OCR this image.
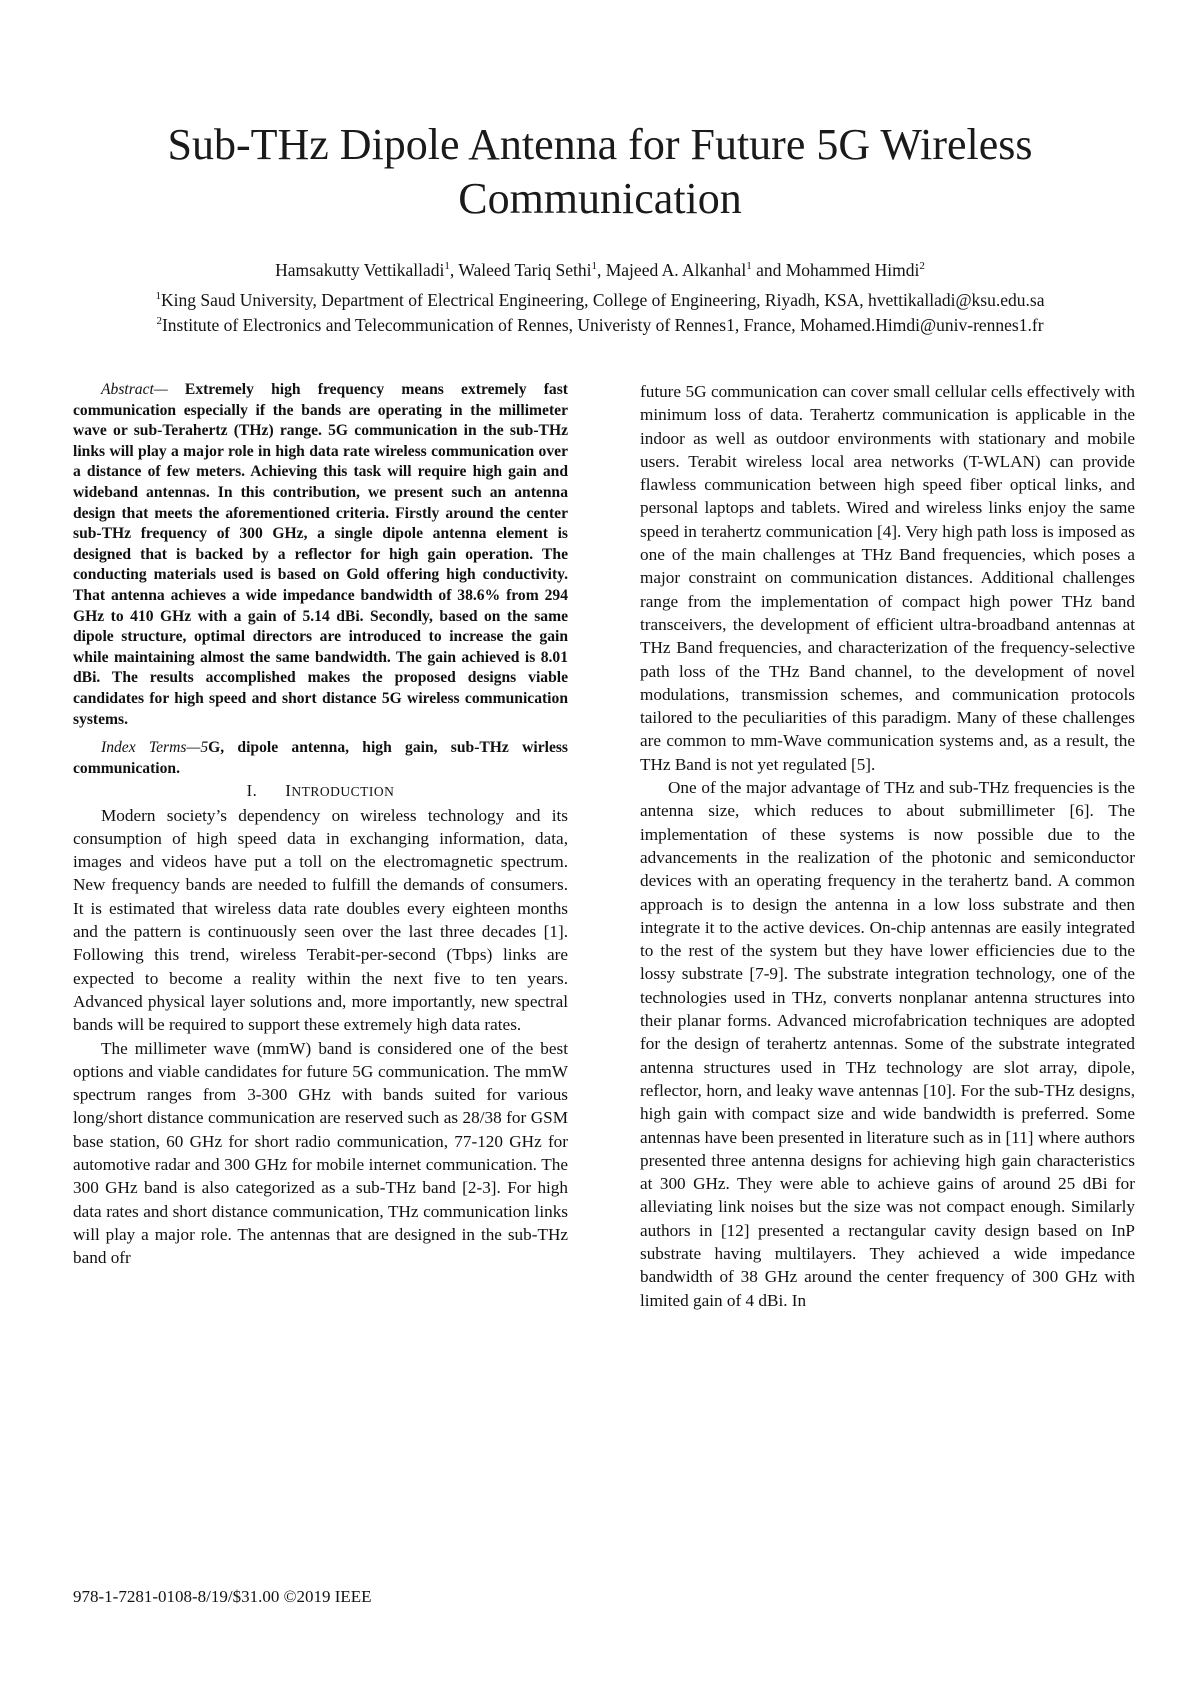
Sub-THz Dipole Antenna for Future 5G Wireless Communication
Hamsakutty Vettikalladi$^1$, Waleed Tariq Sethi$^1$, Majeed A. Alkanhal$^1$ and Mohammed Himdi$^2$
$^1$King Saud University, Department of Electrical Engineering, College of Engineering, Riyadh, KSA, hvettikalladi@ksu.edu.sa
$^2$Institute of Electronics and Telecommunication of Rennes, Univeristy of Rennes1, France, Mohamed.Himdi@univ-rennes1.fr

Abstract— Extremely high frequency means extremely fast communication especially if the bands are operating in the millimeter wave or sub-Terahertz (THz) range. 5G communication in the sub-THz links will play a major role in high data rate wireless communication over a distance of few meters. Achieving this task will require high gain and wideband antennas. In this contribution, we present such an antenna design that meets the aforementioned criteria. Firstly around the center sub-THz frequency of 300 GHz, a single dipole antenna element is designed that is backed by a reflector for high gain operation. The conducting materials used is based on Gold offering high conductivity. That antenna achieves a wide impedance bandwidth of 38.6% from 294 GHz to 410 GHz with a gain of 5.14 dBi. Secondly, based on the same dipole structure, optimal directors are introduced to increase the gain while maintaining almost the same bandwidth. The gain achieved is 8.01 dBi. The results accomplished makes the proposed designs viable candidates for high speed and short distance 5G wireless communication systems.

Index Terms—5G, dipole antenna, high gain, sub-THz wirless communication.

I. INTRODUCTION

Modern society’s dependency on wireless technology and its consumption of high speed data in exchanging information, data, images and videos have put a toll on the electromagnetic spectrum. New frequency bands are needed to fulfill the demands of consumers. It is estimated that wireless data rate doubles every eighteen months and the pattern is continuously seen over the last three decades [1]. Following this trend, wireless Terabit-per-second (Tbps) links are expected to become a reality within the next five to ten years. Advanced physical layer solutions and, more importantly, new spectral bands will be required to support these extremely high data rates.

The millimeter wave (mmW) band is considered one of the best options and viable candidates for future 5G communication. The mmW spectrum ranges from 3-300 GHz with bands suited for various long/short distance communication are reserved such as 28/38 for GSM base station, 60 GHz for short radio communication, 77-120 GHz for automotive radar and 300 GHz for mobile internet communication. The 300 GHz band is also categorized as a sub-THz band [2-3]. For high data rates and short distance communication, THz communication links will play a major role. The antennas that are designed in the sub-THz band ofr

future 5G communication can cover small cellular cells effectively with minimum loss of data. Terahertz communication is applicable in the indoor as well as outdoor environments with stationary and mobile users. Terabit wireless local area networks (T-WLAN) can provide flawless communication between high speed fiber optical links, and personal laptops and tablets. Wired and wireless links enjoy the same speed in terahertz communication [4]. Very high path loss is imposed as one of the main challenges at THz Band frequencies, which poses a major constraint on communication distances. Additional challenges range from the implementation of compact high power THz band transceivers, the development of efficient ultra-broadband antennas at THz Band frequencies, and characterization of the frequency-selective path loss of the THz Band channel, to the development of novel modulations, transmission schemes, and communication protocols tailored to the peculiarities of this paradigm. Many of these challenges are common to mm-Wave communication systems and, as a result, the THz Band is not yet regulated [5].

One of the major advantage of THz and sub-THz frequencies is the antenna size, which reduces to about submillimeter [6]. The implementation of these systems is now possible due to the advancements in the realization of the photonic and semiconductor devices with an operating frequency in the terahertz band. A common approach is to design the antenna in a low loss substrate and then integrate it to the active devices. On-chip antennas are easily integrated to the rest of the system but they have lower efficiencies due to the lossy substrate [7-9]. The substrate integration technology, one of the technologies used in THz, converts nonplanar antenna structures into their planar forms. Advanced microfabrication techniques are adopted for the design of terahertz antennas. Some of the substrate integrated antenna structures used in THz technology are slot array, dipole, reflector, horn, and leaky wave antennas [10]. For the sub-THz designs, high gain with compact size and wide bandwidth is preferred. Some antennas have been presented in literature such as in [11] where authors presented three antenna designs for achieving high gain characteristics at 300 GHz. They were able to achieve gains of around 25 dBi for alleviating link noises but the size was not compact enough. Similarly authors in [12] presented a rectangular cavity design based on InP substrate having multilayers. They achieved a wide impedance bandwidth of 38 GHz around the center frequency of 300 GHz with limited gain of 4 dBi. In

978-1-7281-0108-8/19/$31.00 ©2019 IEEE
